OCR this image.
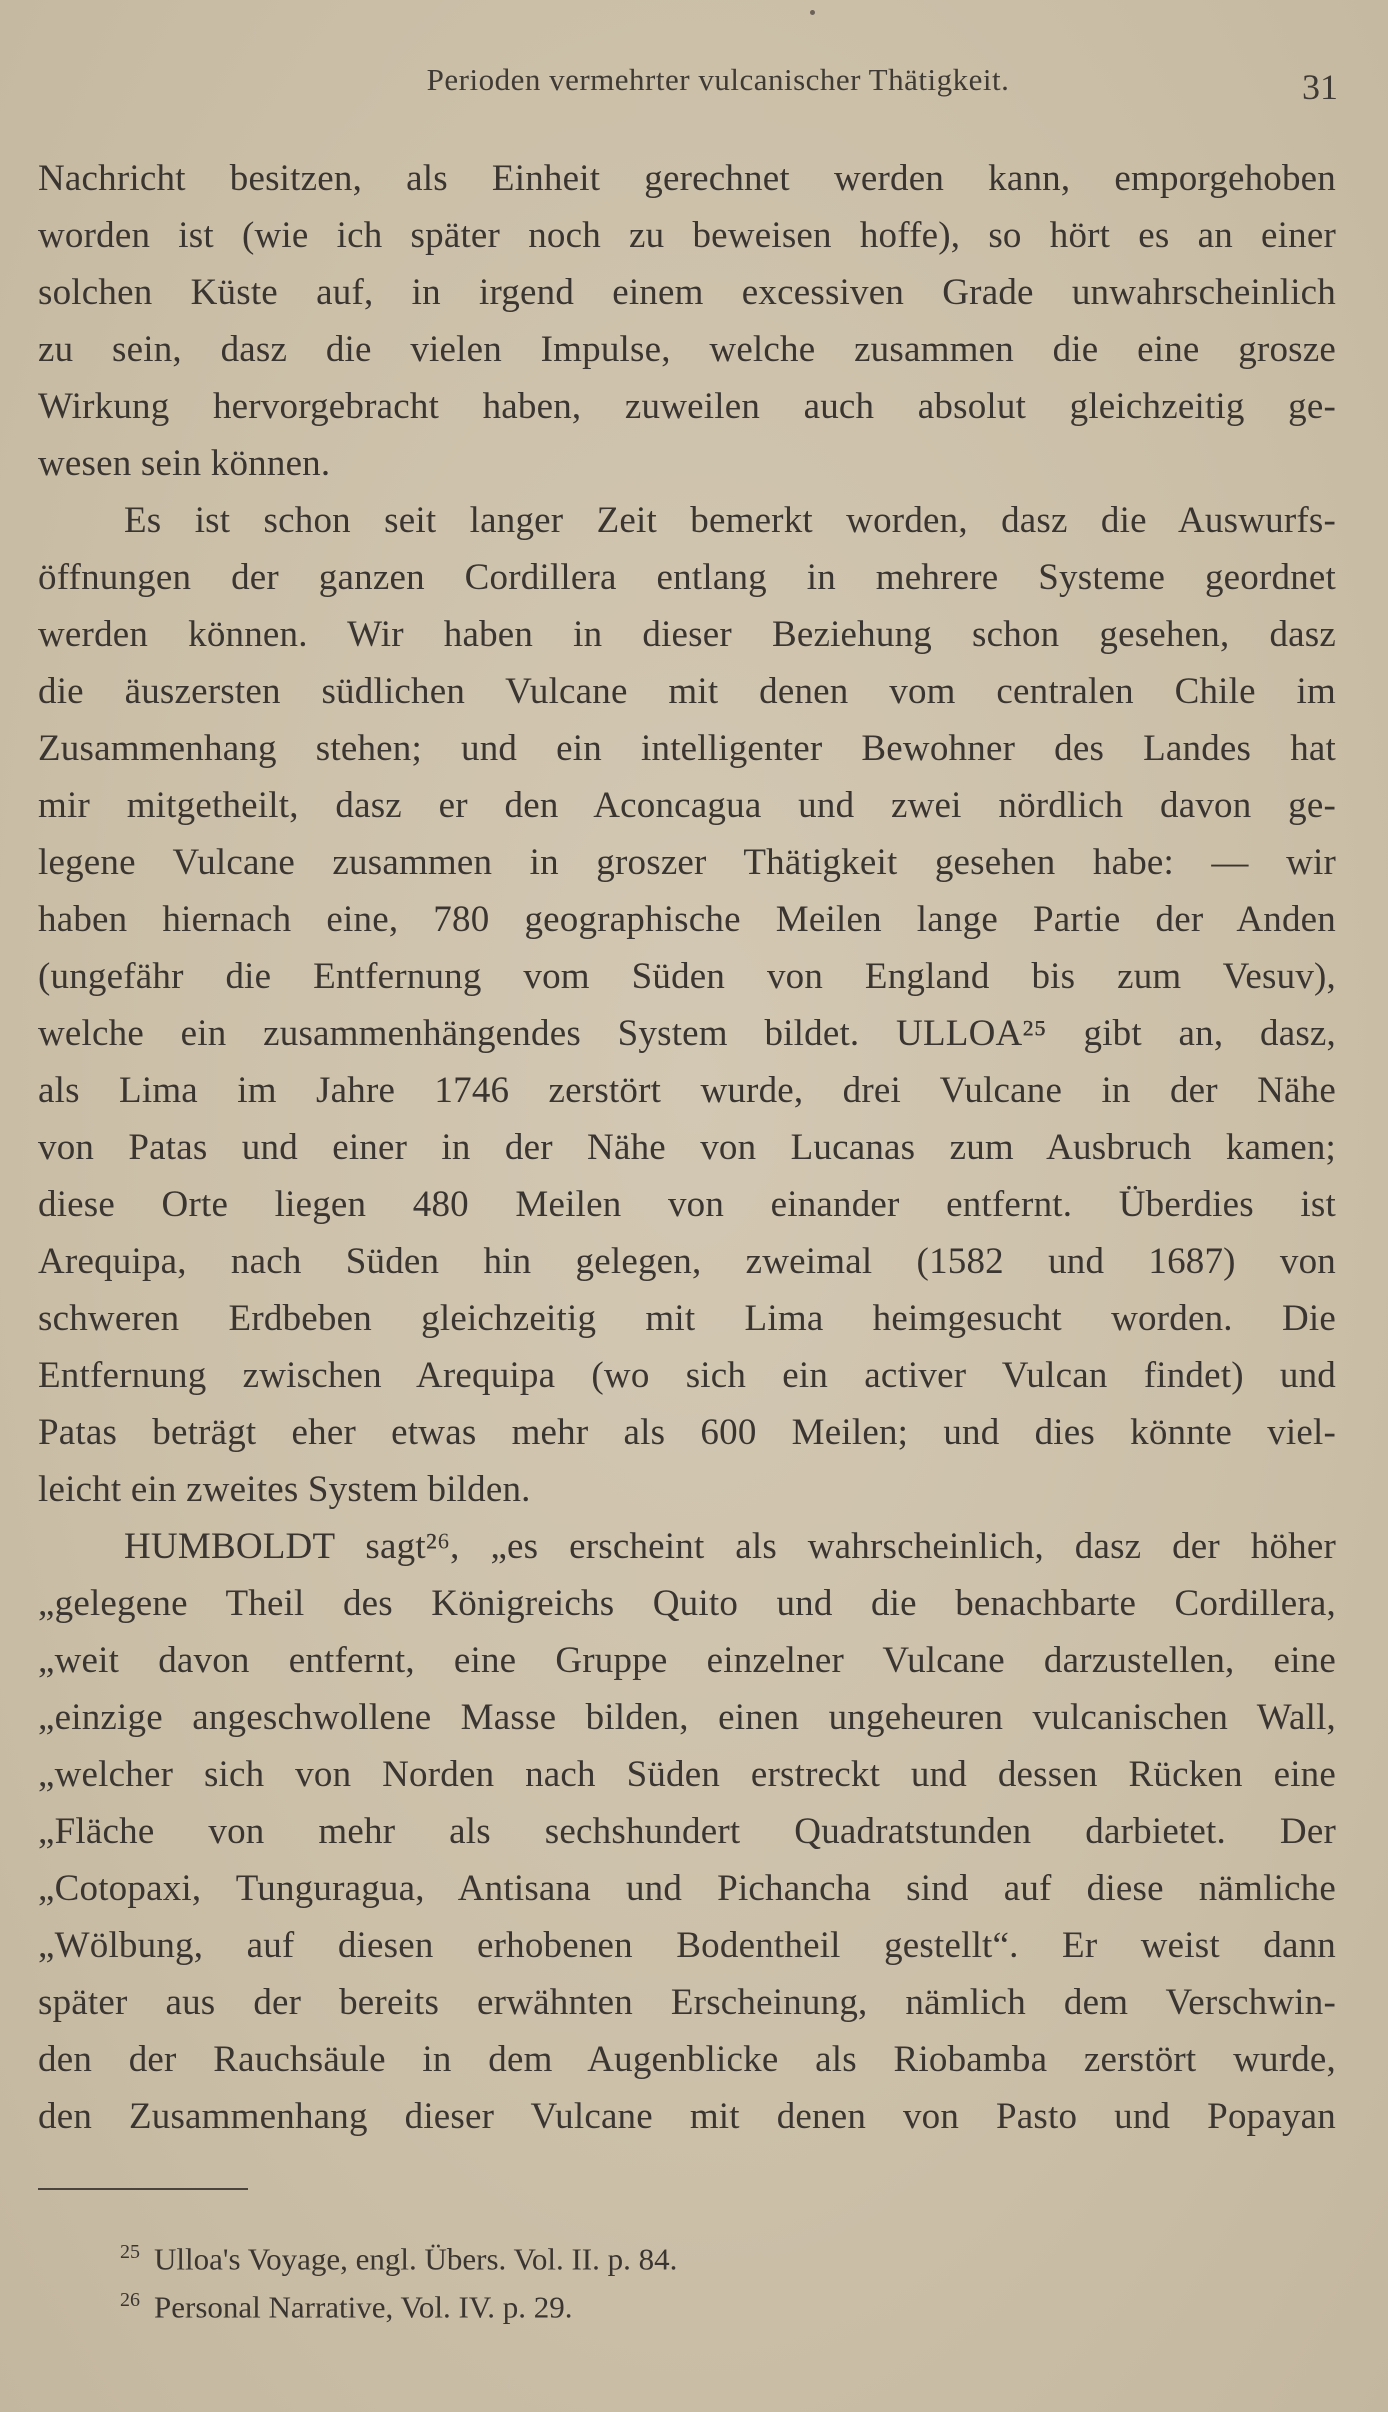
Perioden vermehrter vulcanischer Thätigkeit.	31
Nachricht besitzen, als Einheit gerechnet werden kann, emporgehoben
worden ist (wie ich später noch zu beweisen hoffe), so hört es an einer
solchen Küste auf, in irgend einem excessiven Grade unwahrscheinlich
zu sein, dasz die vielen Impulse, welche zusammen die eine grosze
Wirkung hervorgebracht haben, zuweilen auch absolut gleichzeitig ge-
wesen sein können.
Es ist schon seit langer Zeit bemerkt worden, dasz die Auswurfs-
öffnungen der ganzen Cordillera entlang in mehrere Systeme geordnet
werden können. Wir haben in dieser Beziehung schon gesehen, dasz
die äuszersten südlichen Vulcane mit denen vom centralen Chile im
Zusammenhang stehen; und ein intelligenter Bewohner des Landes hat
mir mitgetheilt, dasz er den Aconcagua und zwei nördlich davon ge-
legene Vulcane zusammen in groszer Thätigkeit gesehen habe: — wir
haben hiernach eine, 780 geographische Meilen lange Partie der Anden
(ungefähr die Entfernung vom Süden von England bis zum Vesuv),
welche ein zusammenhängendes System bildet. ULLOA²⁵ gibt an, dasz,
als Lima im Jahre 1746 zerstört wurde, drei Vulcane in der Nähe
von Patas und einer in der Nähe von Lucanas zum Ausbruch kamen;
diese Orte liegen 480 Meilen von einander entfernt. Überdies ist
Arequipa, nach Süden hin gelegen, zweimal (1582 und 1687) von
schweren Erdbeben gleichzeitig mit Lima heimgesucht worden. Die
Entfernung zwischen Arequipa (wo sich ein activer Vulcan findet) und
Patas beträgt eher etwas mehr als 600 Meilen; und dies könnte viel-
leicht ein zweites System bilden.
HUMBOLDT sagt²⁶, „es erscheint als wahrscheinlich, dasz der höher
„gelegene Theil des Königreichs Quito und die benachbarte Cordillera,
„weit davon entfernt, eine Gruppe einzelner Vulcane darzustellen, eine
„einzige angeschwollene Masse bilden, einen ungeheuren vulcanischen Wall,
„welcher sich von Norden nach Süden erstreckt und dessen Rücken eine
„Fläche von mehr als sechshundert Quadratstunden darbietet. Der
„Cotopaxi, Tunguragua, Antisana und Pichancha sind auf diese nämliche
„Wölbung, auf diesen erhobenen Bodentheil gestellt“. Er weist dann
später aus der bereits erwähnten Erscheinung, nämlich dem Verschwin-
den der Rauchsäule in dem Augenblicke als Riobamba zerstört wurde,
den Zusammenhang dieser Vulcane mit denen von Pasto und Popayan
$^{25}$ Ulloa's Voyage, engl. Übers. Vol. II. p. 84.
$^{26}$ Personal Narrative, Vol. IV. p. 29.
